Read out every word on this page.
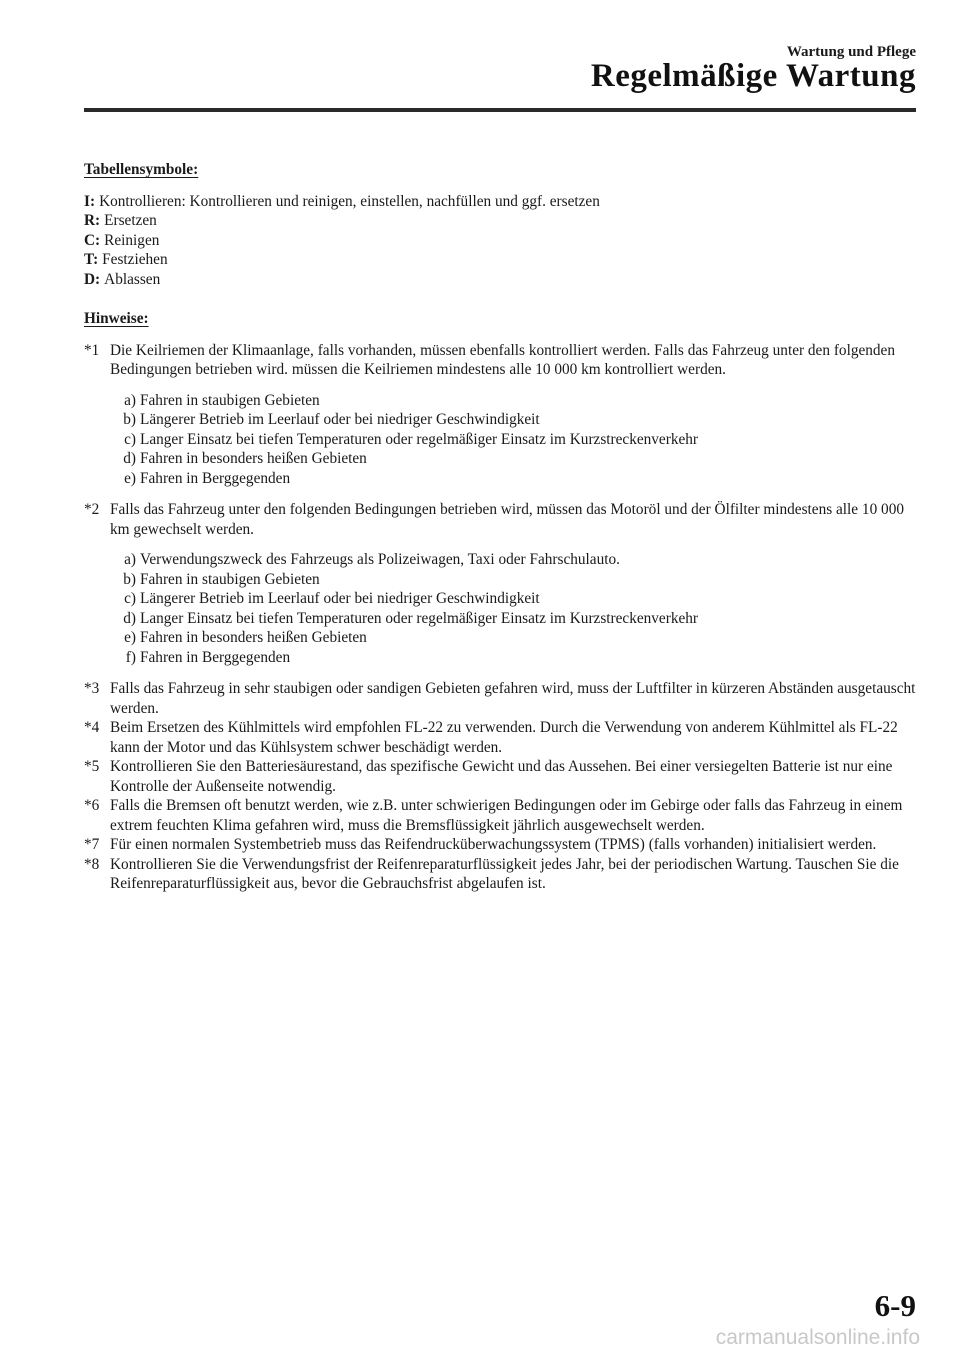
Wartung und Pflege
Regelmäßige Wartung

Tabellensymbole:

I: Kontrollieren: Kontrollieren und reinigen, einstellen, nachfüllen und ggf. ersetzen
R: Ersetzen
C: Reinigen
T: Festziehen
D: Ablassen

Hinweise:

*1 Die Keilriemen der Klimaanlage, falls vorhanden, müssen ebenfalls kontrolliert werden. Falls das Fahrzeug unter den folgenden Bedingungen betrieben wird. müssen die Keilriemen mindestens alle 10 000 km kontrolliert werden.
a) Fahren in staubigen Gebieten
b) Längerer Betrieb im Leerlauf oder bei niedriger Geschwindigkeit
c) Langer Einsatz bei tiefen Temperaturen oder regelmäßiger Einsatz im Kurzstreckenverkehr
d) Fahren in besonders heißen Gebieten
e) Fahren in Berggegenden
*2 Falls das Fahrzeug unter den folgenden Bedingungen betrieben wird, müssen das Motoröl und der Ölfilter mindestens alle 10 000 km gewechselt werden.
a) Verwendungszweck des Fahrzeugs als Polizeiwagen, Taxi oder Fahrschulauto.
b) Fahren in staubigen Gebieten
c) Längerer Betrieb im Leerlauf oder bei niedriger Geschwindigkeit
d) Langer Einsatz bei tiefen Temperaturen oder regelmäßiger Einsatz im Kurzstreckenverkehr
e) Fahren in besonders heißen Gebieten
f) Fahren in Berggegenden
*3 Falls das Fahrzeug in sehr staubigen oder sandigen Gebieten gefahren wird, muss der Luftfilter in kürzeren Abständen ausgetauscht werden.
*4 Beim Ersetzen des Kühlmittels wird empfohlen FL-22 zu verwenden. Durch die Verwendung von anderem Kühlmittel als FL-22 kann der Motor und das Kühlsystem schwer beschädigt werden.
*5 Kontrollieren Sie den Batteriesäurestand, das spezifische Gewicht und das Aussehen. Bei einer versiegelten Batterie ist nur eine Kontrolle der Außenseite notwendig.
*6 Falls die Bremsen oft benutzt werden, wie z.B. unter schwierigen Bedingungen oder im Gebirge oder falls das Fahrzeug in einem extrem feuchten Klima gefahren wird, muss die Bremsflüssigkeit jährlich ausgewechselt werden.
*7 Für einen normalen Systembetrieb muss das Reifendrucküberwachungssystem (TPMS) (falls vorhanden) initialisiert werden.
*8 Kontrollieren Sie die Verwendungsfrist der Reifenreparaturflüssigkeit jedes Jahr, bei der periodischen Wartung. Tauschen Sie die Reifenreparaturflüssigkeit aus, bevor die Gebrauchsfrist abgelaufen ist.
6-9
carmanualsonline.info
